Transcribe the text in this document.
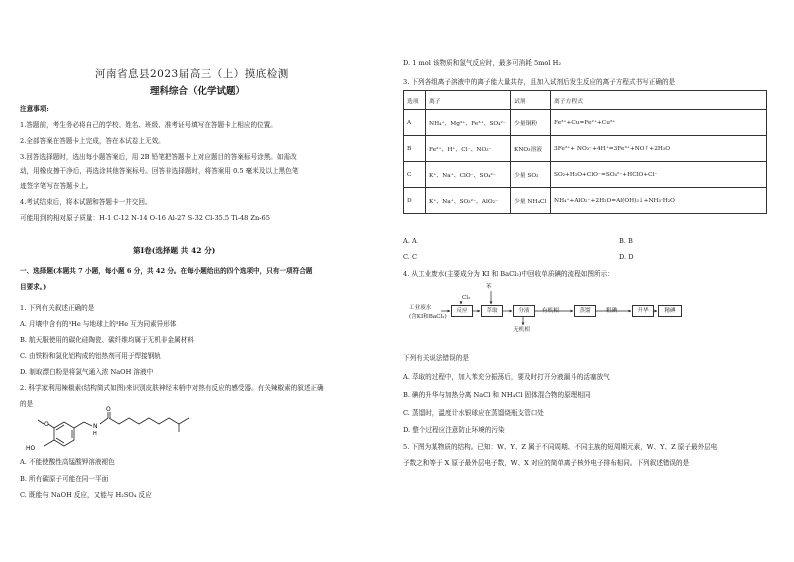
河南省息县2023届高三（上）摸底检测
理科综合（化学试题）
注意事项:
1.答题前，考生务必将自己的学校、姓名、班级、准考证号填写在答题卡上相应的位置。
2.全部答案在答题卡上完成，答在本试卷上无效。
3.回答选择题时，选出每小题答案后，用 2B 铅笔把答题卡上对应题目的答案标号涂黑。如需改
动，用橡皮擦干净后，再选涂其他答案标号。回答非选择题时，将答案用 0.5 毫米及以上黑色笔
迹签字笔写在答题卡上。
4.考试结束后，将本试题和答题卡一并交回。
可能用到的相对原子质量：H-1 C-12 N-14 O-16 Al-27 S-32 Cl-35.5 Ti-48 Zn-65
第Ⅰ卷(选择题 共 42 分)
一、选择题(本题共 7 小题，每小题 6 分，共 42 分。在每小题给出的四个选项中，只有一项符合题
目要求。)
1. 下列有关叙述正确的是
A. 月壤中含有的³He 与地球上的³He 互为同素异形体
B. 航天服使用的碳化硅陶瓷、碳纤维均属于无机非金属材料
C. 由铁粉和氯化铝构成的铝热剂可用于焊接钢轨
D. 制取漂白粉是将氯气通入浓 NaOH 溶液中
2. 科学家利用辣椒素(结构简式如图)来识别皮肤神经末梢中对热有反应的感受器。有关辣椒素的叙述正确
的是
HO
O	N
H
O
A. 不能使酸性高锰酸钾溶液褪色
B. 所有碳原子可能在同一平面
C. 既能与 NaOH 反应，又能与 H₂SO₄ 反应
D. 1 mol 该物质和氢气反应时，最多可消耗 5mol H₂
3. 下列各组离子溶液中的离子能大量共存，且加入试剂后发生反应的离子方程式书写正确的是
选项	离子	试剂	离子方程式
A	NH₄⁺、Mg²⁺、Fe³⁺、SO₄²⁻	少量铜粉	Fe³⁺+Cu=Fe²⁺+Cu²⁺
B	Fe²⁺、H⁺、Cl⁻、NO₃⁻	KNO₃溶液	3Fe²⁺+ NO₃⁻+4H⁺=3Fe³⁺+NO↑+2H₂O
C	K⁺、Na⁺、ClO⁻、SO₄²⁻	少量 SO₂	SO₂+H₂O+ClO⁻=SO₄²⁻+HClO+Cl⁻
D	K⁺、Na⁺、SO₃²⁻、AlO₂⁻	少量 NH₄Cl	NH₄⁺+AlO₂⁻+2H₂O=Al(OH)₃↓+NH₃·H₂O
A. A	B. B
C. C	D. D
4. 从工业废水(主要成分为 KI 和 BaCl₂)中回收单质碘的流程如图所示：
工业废水
(含KI和BaCl₂)
Cl₂
苯
反应	萃取	分液
无机相
有机相	蒸馏	粗碘	升华	精碘
下列有关说法错误的是
A. 萃取的过程中，加入苯充分振荡后，要及时打开分液漏斗的活塞放气
B. 碘的升华与加热分离 NaCl 和 NH₄Cl 固体混合物的原理相同
C. 蒸馏时，温度计水银球应在蒸馏烧瓶支管口处
D. 整个过程应注意防止环境的污染
5. 下图为某物质的结构。已知：W、Y、Z 属于不同周期、不同主族的短周期元素，W、Y、Z 原子最外层电
子数之和等于 X 原子最外层电子数，W、X 对应的简单离子核外电子排布相同。下列叙述错误的是
